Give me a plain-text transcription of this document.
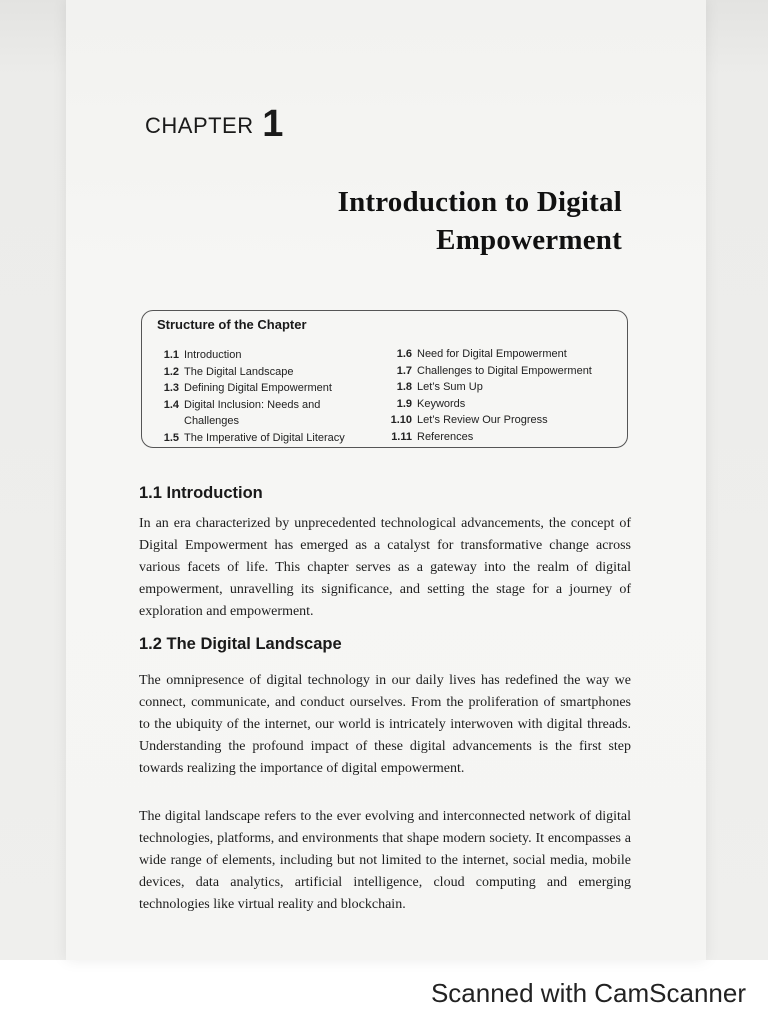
CHAPTER 1
Introduction to Digital
Empowerment
Structure of the Chapter
1.1 Introduction
1.2 The Digital Landscape
1.3 Defining Digital Empowerment
1.4 Digital Inclusion: Needs and Challenges
1.5 The Imperative of Digital Literacy
1.6 Need for Digital Empowerment
1.7 Challenges to Digital Empowerment
1.8 Let’s Sum Up
1.9 Keywords
1.10 Let’s Review Our Progress
1.11 References
1.1 Introduction

In an era characterized by unprecedented technological advancements, the concept of Digital Empowerment has emerged as a catalyst for transformative change across various facets of life. This chapter serves as a gateway into the realm of digital empowerment, unravelling its significance, and setting the stage for a journey of exploration and empowerment.

1.2 The Digital Landscape

The omnipresence of digital technology in our daily lives has redefined the way we connect, communicate, and conduct ourselves. From the proliferation of smartphones to the ubiquity of the internet, our world is intricately interwoven with digital threads. Understanding the profound impact of these digital advancements is the first step towards realizing the importance of digital empowerment.

The digital landscape refers to the ever evolving and interconnected network of digital technologies, platforms, and environments that shape modern society. It encompasses a wide range of elements, including but not limited to the internet, social media, mobile devices, data analytics, artificial intelligence, cloud computing and emerging technologies like virtual reality and blockchain.

Scanned with CamScanner
